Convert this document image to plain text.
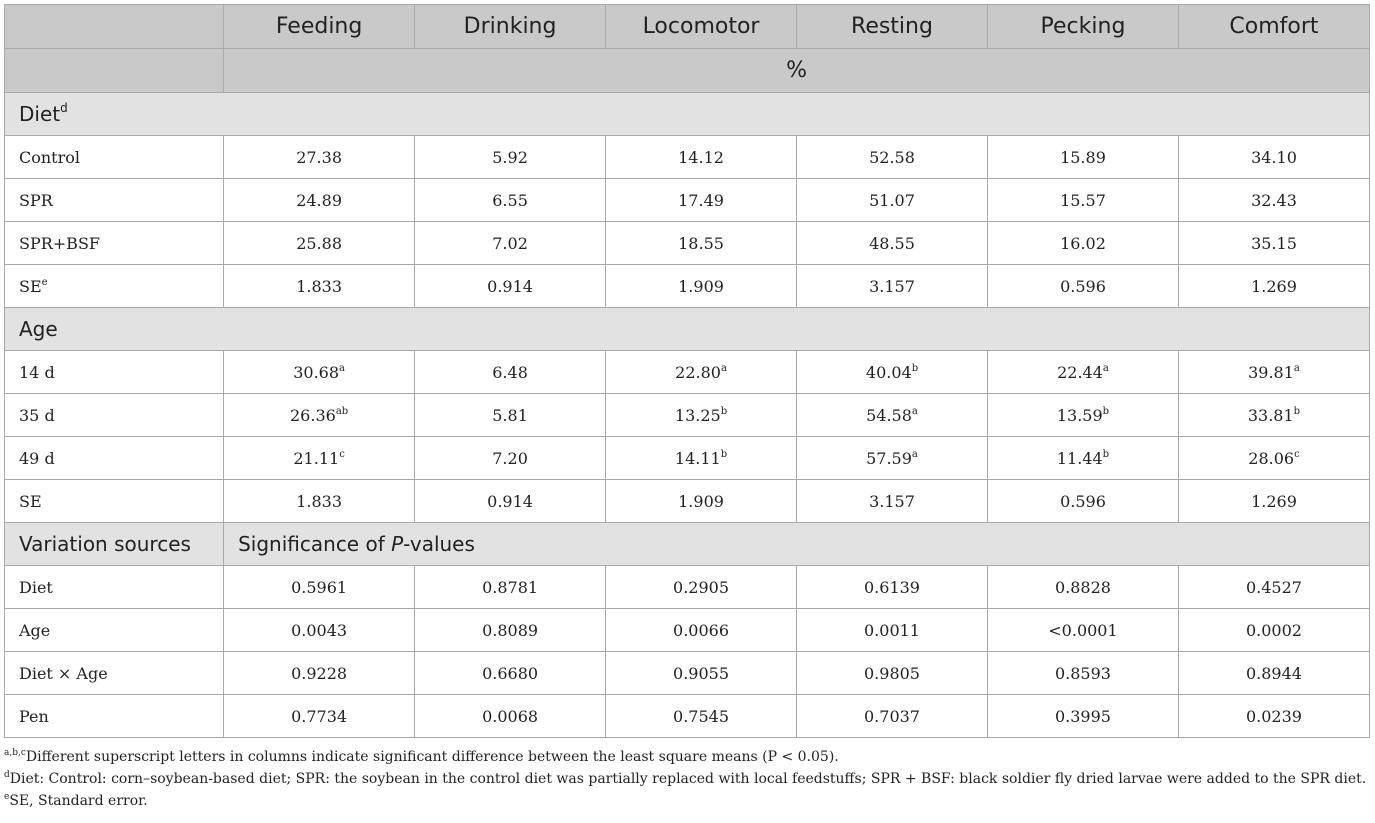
	Feeding	Drinking	Locomotor	Resting	Pecking	Comfort
	%					
Diet$^d$
Control	27.38	5.92	14.12	52.58	15.89	34.10
SPR	24.89	6.55	17.49	51.07	15.57	32.43
SPR+BSF	25.88	7.02	18.55	48.55	16.02	35.15
$SE^e$	1.833	0.914	1.909	3.157	0.596	1.269
Age						
14 d	30.68$^a$	6.48	22.80$^a$	40.04$^b$	22.44$^a$	39.81$^a$
35 d	26.36$^{ab}$	5.81	13.25$^b$	54.58$^a$	13.59$^b$	33.81$^b$
49 d	21.11$^c$	7.20	14.11$^b$	57.59$^a$	11.44$^b$	28.06$^c$
SE	1.833	0.914	1.909	3.157	0.596	1.269
Variation sources	Significance of P-values					
Diet	0.5961	0.8781	0.2905	0.6139	0.8828	0.4527
Age	0.0043	0.8089	0.0066	0.0011	<0.0001	0.0002
Diet × Age	0.9228	0.6680	0.9055	0.9805	0.8593	0.8944
Pen	0.7734	0.0068	0.7545	0.7037	0.3995	0.0239

$^{a,b,c}$Different superscript letters in columns indicate significant difference between the least square means (P < 0.05).

$^d$Diet: Control: corn–soybean-based diet; SPR: the soybean in the control diet was partially replaced with local feedstuffs; SPR + BSF: black soldier fly dried larvae were added to the SPR diet.

$^e$SE, Standard error.
